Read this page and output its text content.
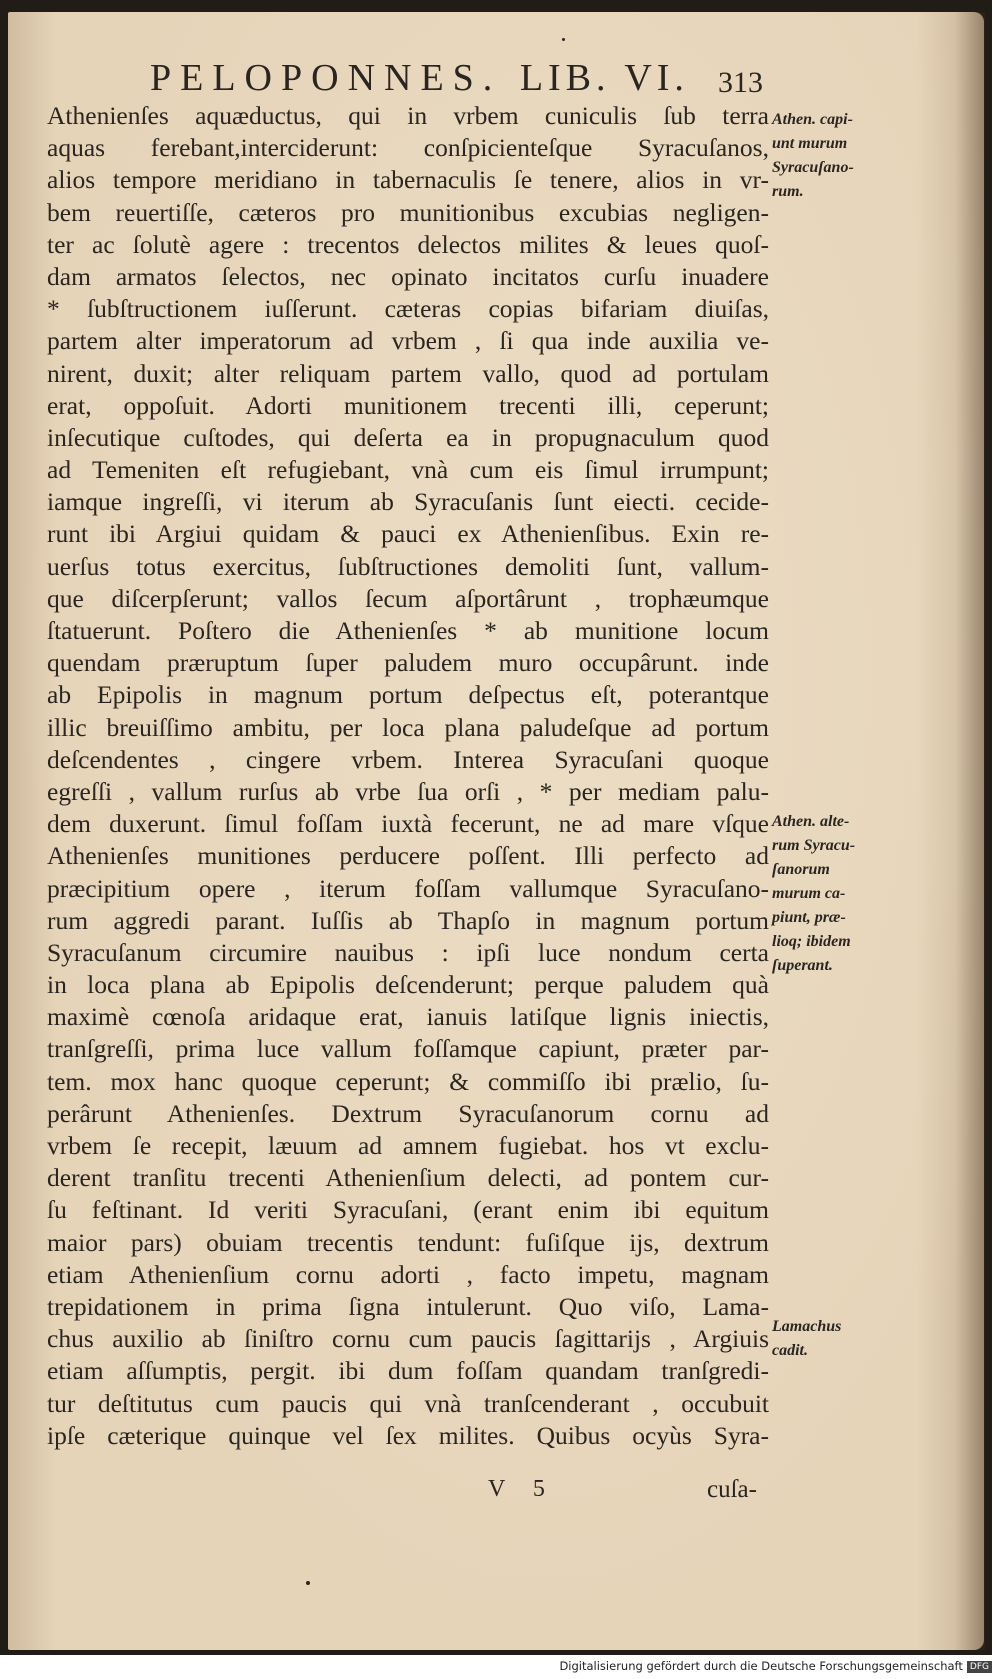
PELOPONNES. LIB. VI. 313
Athenienſes aquæductus, qui in vrbem cuniculis ſub terra
aquas ferebant,interciderunt: conſpicienteſque Syracuſanos,
alios tempore meridiano in tabernaculis ſe tenere, alios in vr-
bem reuertiſſe, cæteros pro munitionibus excubias negligen-
ter ac ſolutè agere : trecentos delectos milites & leues quoſ-
dam armatos ſelectos, nec opinato incitatos curſu inuadere
* ſubſtructionem iuſſerunt. cæteras copias bifariam diuiſas,
partem alter imperatorum ad vrbem , ſi qua inde auxilia ve-
nirent, duxit; alter reliquam partem vallo, quod ad portulam
erat, oppoſuit. Adorti munitionem trecenti illi, ceperunt;
inſecutique cuſtodes, qui deſerta ea in propugnaculum quod
ad Temeniten eſt refugiebant, vnà cum eis ſimul irrumpunt;
iamque ingreſſi, vi iterum ab Syracuſanis ſunt eiecti. cecide-
runt ibi Argiui quidam & pauci ex Athenienſibus. Exin re-
uerſus totus exercitus, ſubſtructiones demoliti ſunt, vallum-
que diſcerpſerunt; vallos ſecum aſportârunt , trophæumque
ſtatuerunt. Poſtero die Athenienſes * ab munitione locum
quendam præruptum ſuper paludem muro occupârunt. inde
ab Epipolis in magnum portum deſpectus eſt, poterantque
illic breuiſſimo ambitu, per loca plana paludeſque ad portum
deſcendentes , cingere vrbem. Interea Syracuſani quoque
egreſſi , vallum rurſus ab vrbe ſua orſi , * per mediam palu-
dem duxerunt. ſimul foſſam iuxtà fecerunt, ne ad mare vſque
Athenienſes munitiones perducere poſſent. Illi perfecto ad
præcipitium opere , iterum foſſam vallumque Syracuſano-
rum aggredi parant. Iuſſis ab Thapſo in magnum portum
Syracuſanum circumire nauibus : ipſi luce nondum certa
in loca plana ab Epipolis deſcenderunt; perque paludem quà
maximè cœnoſa aridaque erat, ianuis latiſque lignis iniectis,
tranſgreſſi, prima luce vallum foſſamque capiunt, præter par-
tem. mox hanc quoque ceperunt; & commiſſo ibi prælio, ſu-
perârunt Athenienſes. Dextrum Syracuſanorum cornu ad
vrbem ſe recepit, læuum ad amnem fugiebat. hos vt exclu-
derent tranſitu trecenti Athenienſium delecti, ad pontem cur-
ſu feſtinant. Id veriti Syracuſani, (erant enim ibi equitum
maior pars) obuiam trecentis tendunt: fuſiſque ijs, dextrum
etiam Athenienſium cornu adorti , facto impetu, magnam
trepidationem in prima ſigna intulerunt. Quo viſo, Lama-
chus auxilio ab ſiniſtro cornu cum paucis ſagittarijs , Argiuis
etiam aſſumptis, pergit. ibi dum foſſam quandam tranſgredi-
tur deſtitutus cum paucis qui vnà tranſcenderant , occubuit
ipſe cæterique quinque vel ſex milites. Quibus ocyùs Syra-
Athen. capi-
unt murum
Syracuſano-
rum.
Athen. alte-
rum Syracu-
ſanorum
murum ca-
piunt, præ-
lioq; ibidem
ſuperant.
Lamachus
cadit.
V 5	cuſa-
Digitalisierung gefördert durch die Deutsche Forschungsgemeinschaft DFG
